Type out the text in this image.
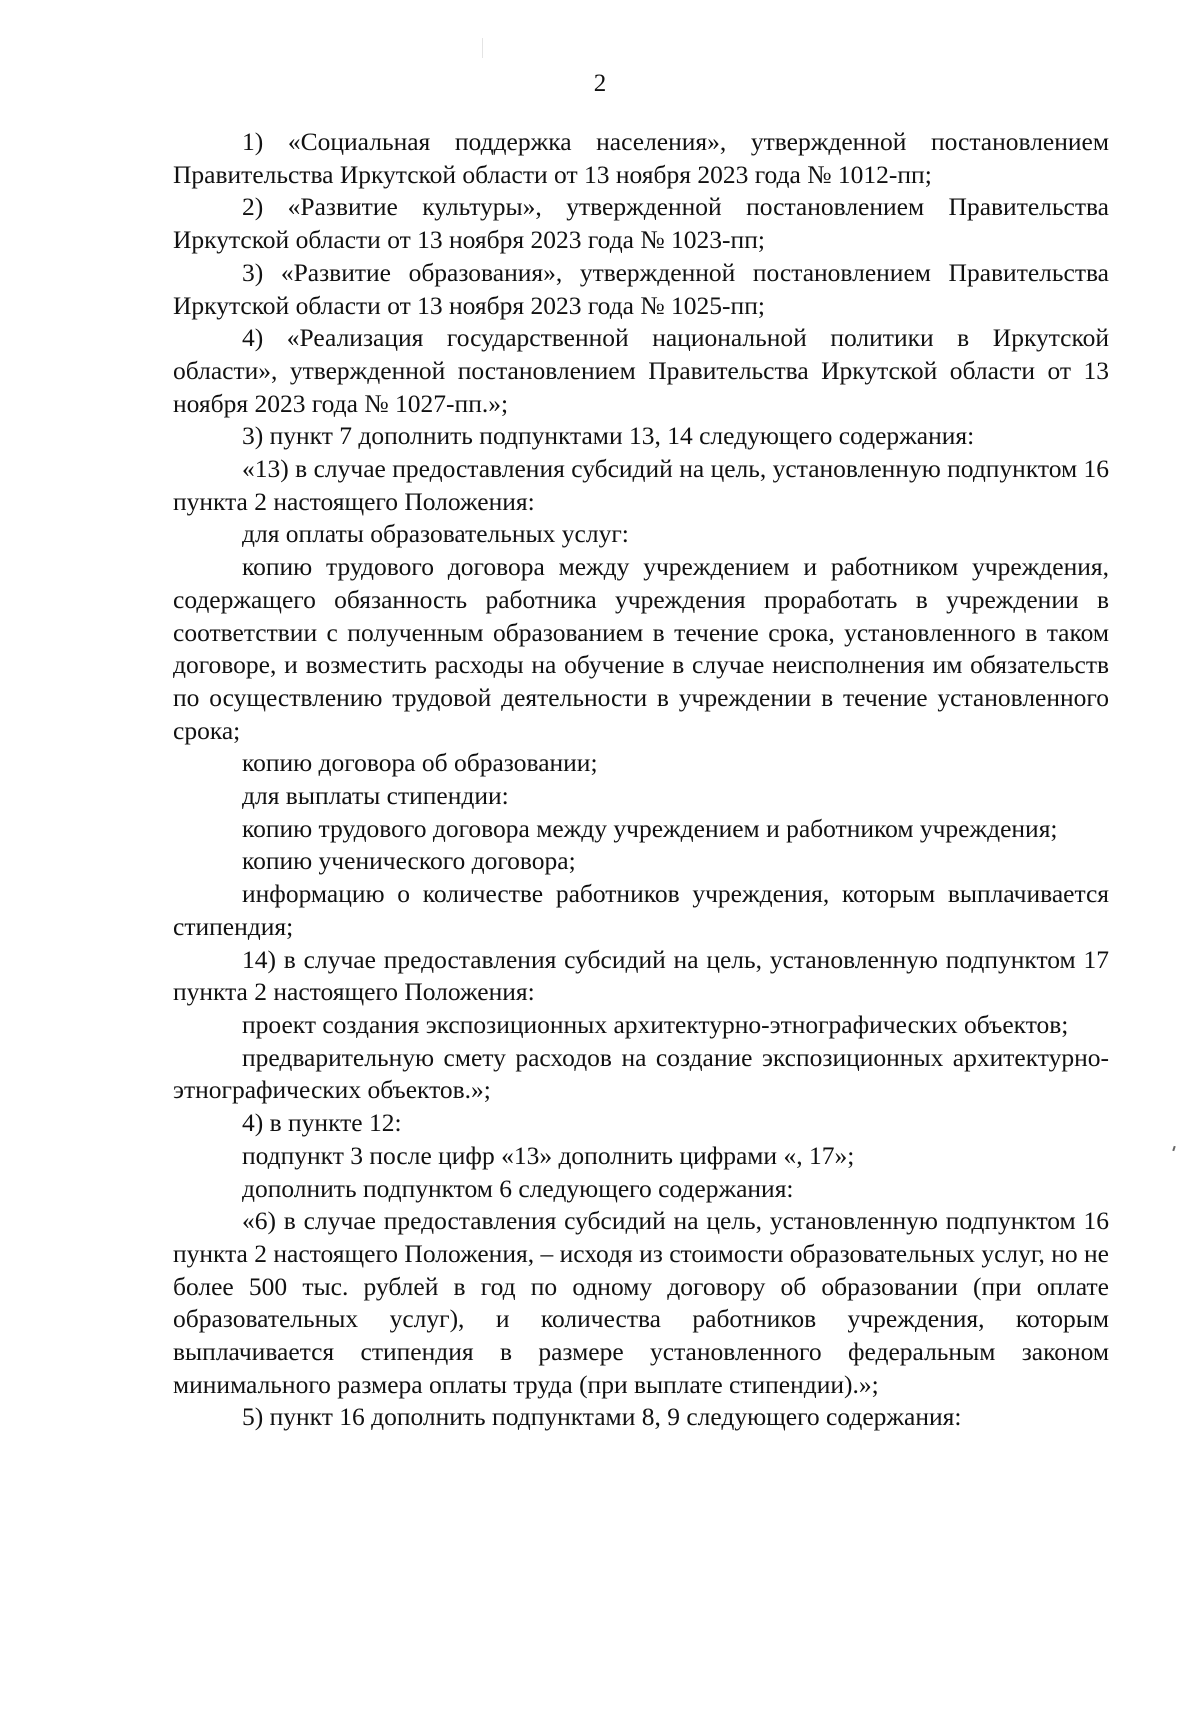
2

1) «Социальная поддержка населения», утвержденной постановлением Правительства Иркутской области от 13 ноября 2023 года № 1012-пп;

2) «Развитие культуры», утвержденной постановлением Правительства Иркутской области от 13 ноября 2023 года № 1023-пп;

3) «Развитие образования», утвержденной постановлением Правительства Иркутской области от 13 ноября 2023 года № 1025-пп;

4) «Реализация государственной национальной политики в Иркутской области», утвержденной постановлением Правительства Иркутской области от 13 ноября 2023 года № 1027-пп.»;

3) пункт 7 дополнить подпунктами 13, 14 следующего содержания:

«13) в случае предоставления субсидий на цель, установленную подпунктом 16 пункта 2 настоящего Положения:

для оплаты образовательных услуг:

копию трудового договора между учреждением и работником учреждения, содержащего обязанность работника учреждения проработать в учреждении в соответствии с полученным образованием в течение срока, установленного в таком договоре, и возместить расходы на обучение в случае неисполнения им обязательств по осуществлению трудовой деятельности в учреждении в течение установленного срока;

копию договора об образовании;

для выплаты стипендии:

копию трудового договора между учреждением и работником учреждения;

копию ученического договора;

информацию о количестве работников учреждения, которым выплачивается стипендия;

14) в случае предоставления субсидий на цель, установленную подпунктом 17 пункта 2 настоящего Положения:

проект создания экспозиционных архитектурно-этнографических объектов;

предварительную смету расходов на создание экспозиционных архитектурно-этнографических объектов.»;

4) в пункте 12:

подпункт 3 после цифр «13» дополнить цифрами «, 17»;

дополнить подпунктом 6 следующего содержания:

«6) в случае предоставления субсидий на цель, установленную подпунктом 16 пункта 2 настоящего Положения, – исходя из стоимости образовательных услуг, но не более 500 тыс. рублей в год по одному договору об образовании (при оплате образовательных услуг), и количества работников учреждения, которым выплачивается стипендия в размере установленного федеральным законом минимального размера оплаты труда (при выплате стипендии).»;

5) пункт 16 дополнить подпунктами 8, 9 следующего содержания:
